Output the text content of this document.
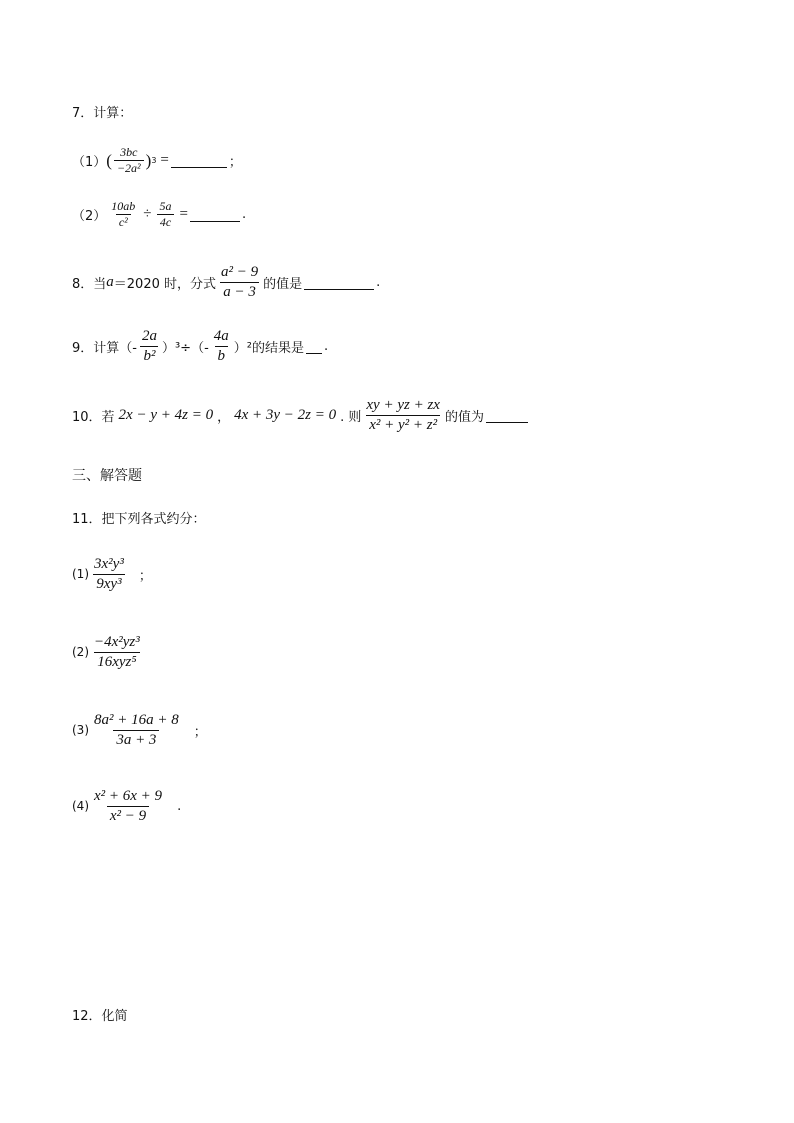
7．计算：
（1） ( $\frac{3bc}{\text{−2a²}}$ ) 3 =	；
$(2) \frac{10ab}{\text{c²}} \div \frac{5a}{4c}$ =	.
8．当 a ＝2020 时，分式 $\frac{\text{a² − 9}}{a - 3}$ 的值是	.
9．计算（- $\frac{2a}{\text{b²}} )^3\div(- \frac{4a}{b} )^2$的结果是 .
10．若 2x − y + 4z = 0 ， 4x + 3y − 2z = 0 . 则 $\frac{xy + yz + zx}{\text{x² + y² + z²}}$ 的值为
三、解答题
11．把下列各式约分：
$(1) \frac{\text{3x²y³}}{\text{9xy³}}$ ；
$(2) \frac{\text{−4x²yz³}}{\text{16xyz⁵}}$
$(3) \frac{\text{8a² + 16a + 8}}{3a + 3}$ ；
$(4) \frac{\text{x² + 6x + 9}}{\text{x² − 9}}$ .
12．化简
